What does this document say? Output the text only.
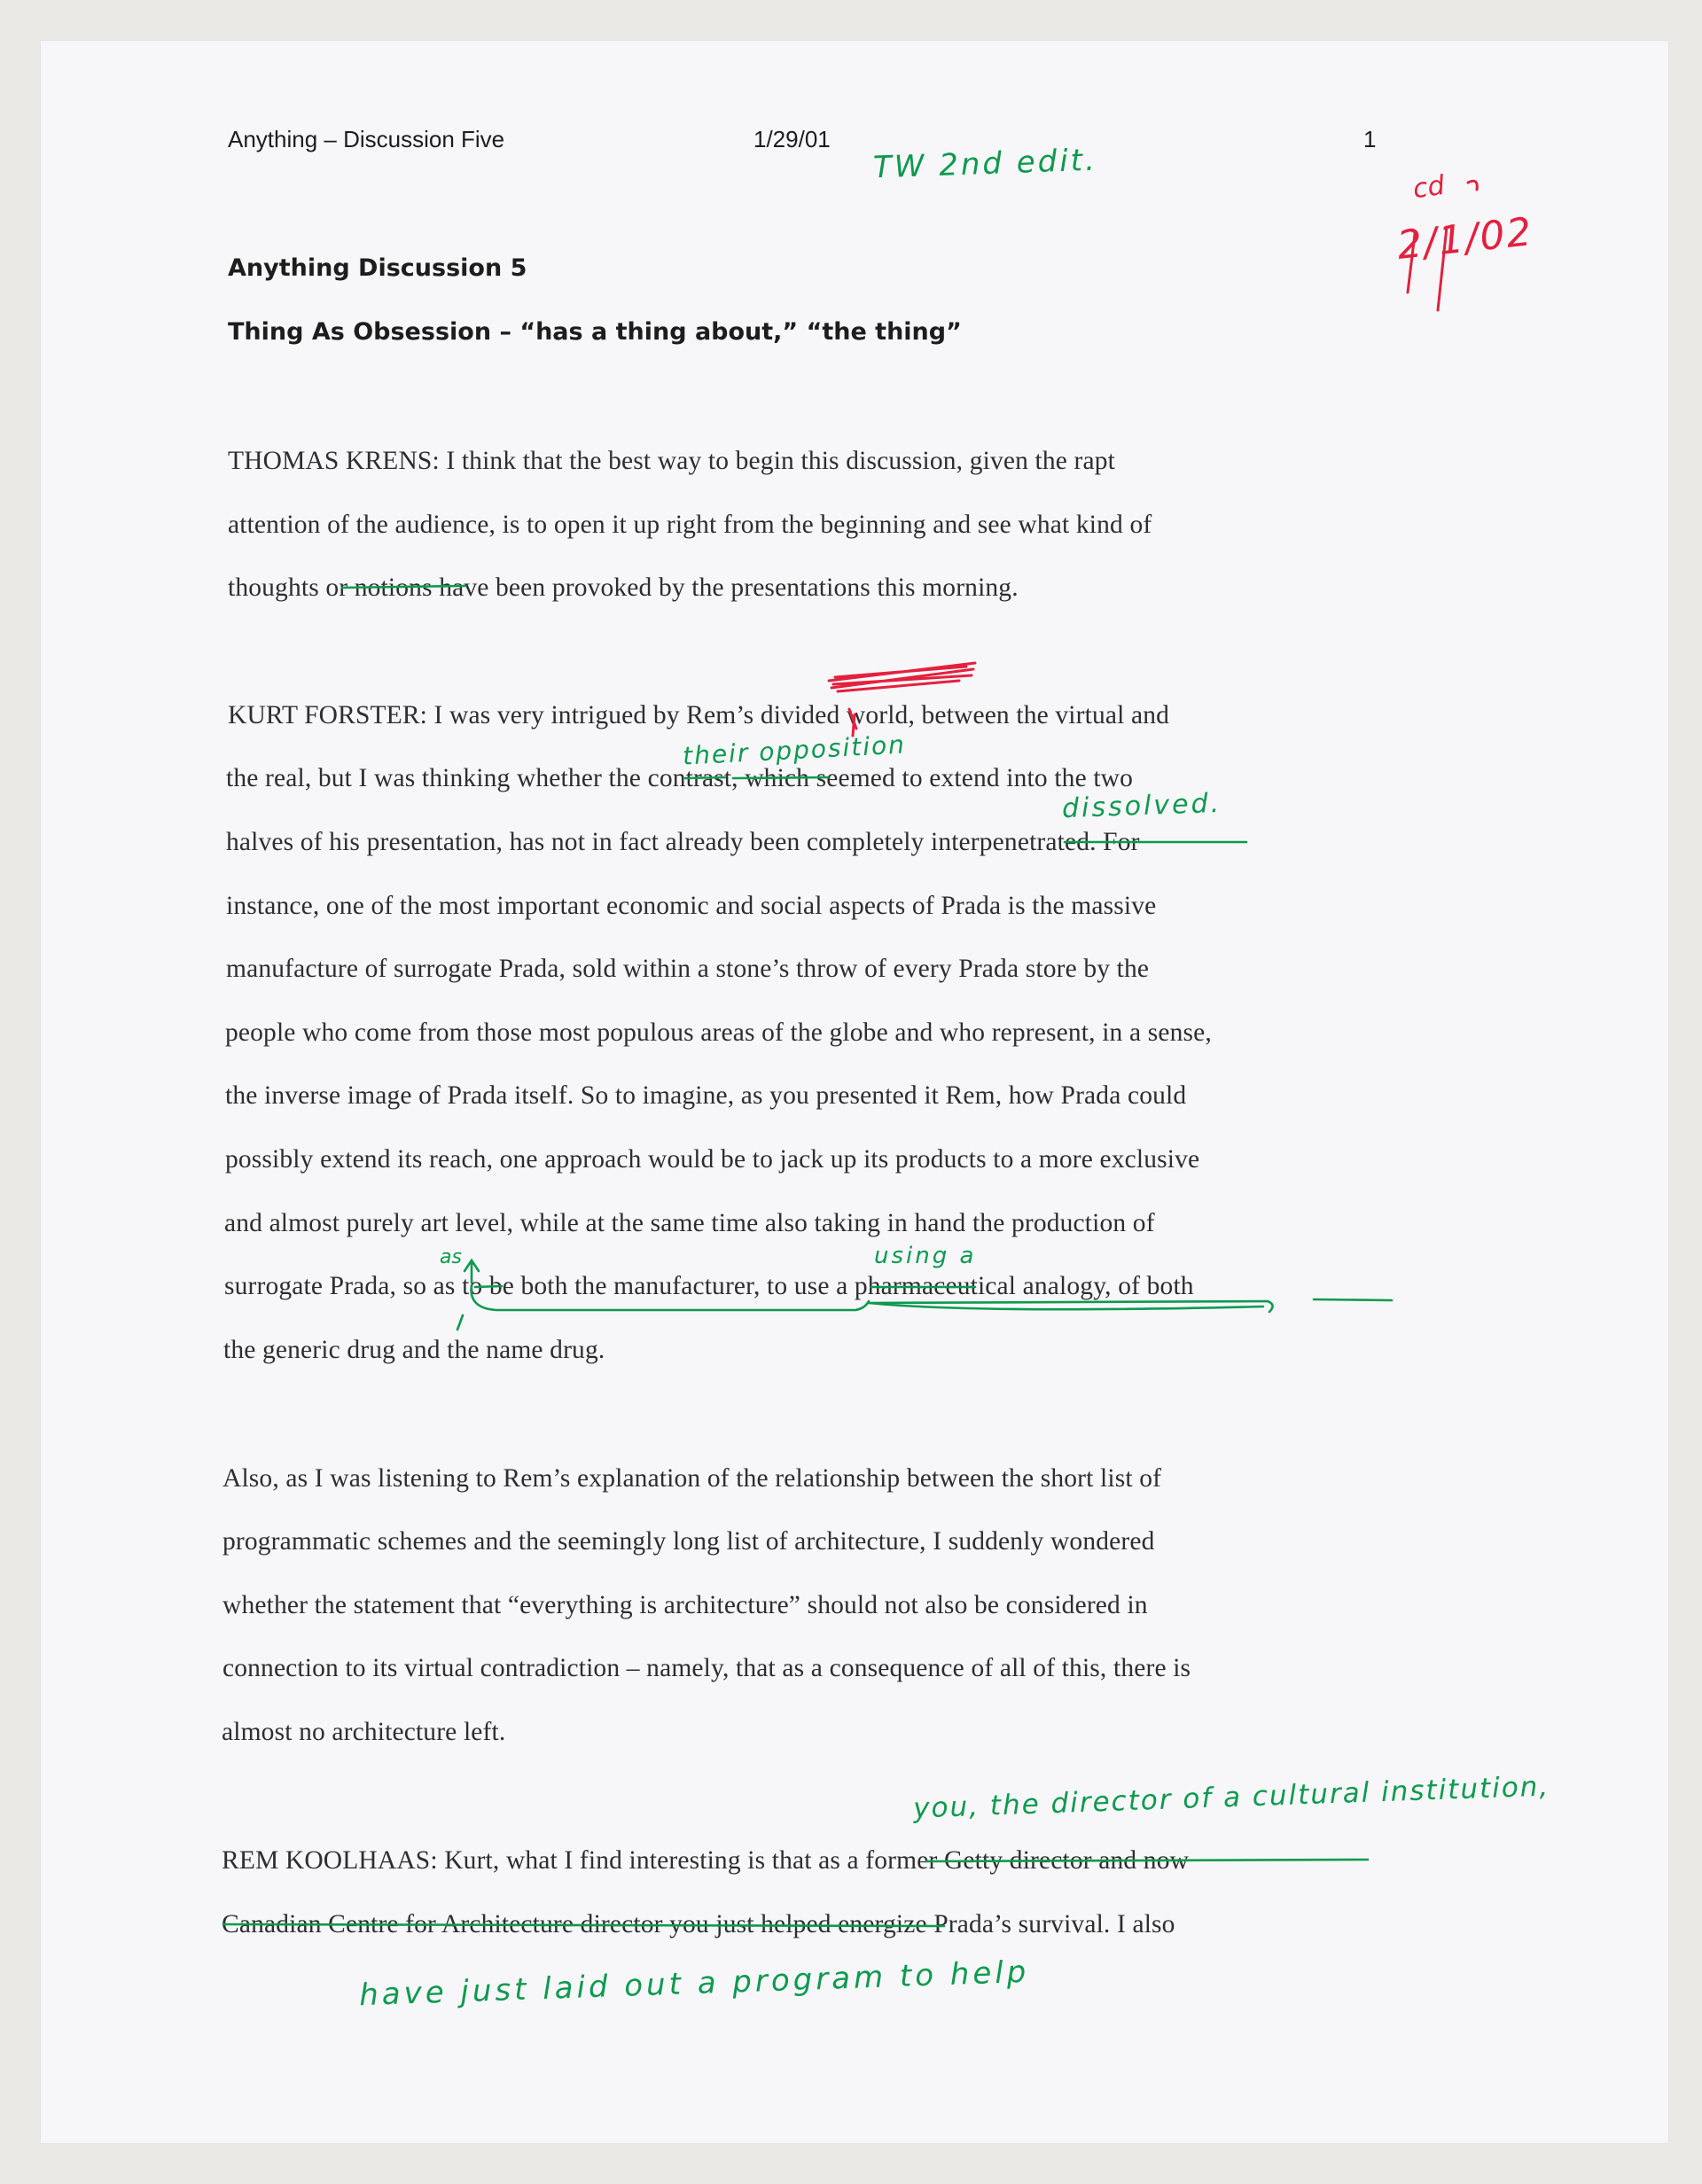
Anything – Discussion Five	1/29/01	1
Anything Discussion 5
Thing As Obsession – “has a thing about,” “the thing”
THOMAS KRENS: I think that the best way to begin this discussion, given the rapt
attention of the audience, is to open it up right from the beginning and see what kind of
thoughts or notions have been provoked by the presentations this morning.
KURT FORSTER: I was very intrigued by Rem’s divided world, between the virtual and
the real, but I was thinking whether the contrast, which seemed to extend into the two
halves of his presentation, has not in fact already been completely interpenetrated. For
instance, one of the most important economic and social aspects of Prada is the massive
manufacture of surrogate Prada, sold within a stone’s throw of every Prada store by the
people who come from those most populous areas of the globe and who represent, in a sense,
the inverse image of Prada itself. So to imagine, as you presented it Rem, how Prada could
possibly extend its reach, one approach would be to jack up its products to a more exclusive
and almost purely art level, while at the same time also taking in hand the production of
surrogate Prada, so as to be both the manufacturer, to use a pharmaceutical analogy, of both
the generic drug and the name drug.
Also, as I was listening to Rem’s explanation of the relationship between the short list of
programmatic schemes and the seemingly long list of architecture, I suddenly wondered
whether the statement that “everything is architecture” should not also be considered in
connection to its virtual contradiction – namely, that as a consequence of all of this, there is
almost no architecture left.
REM KOOLHAAS: Kurt, what I find interesting is that as a former Getty director and now
Canadian Centre for Architecture director you just helped energize Prada’s survival. I also
TW 2nd edit.
cd
2/1/02
their opposition
dissolved.
as	using a
you, the director of a cultural institution,
have just laid out a program to help
